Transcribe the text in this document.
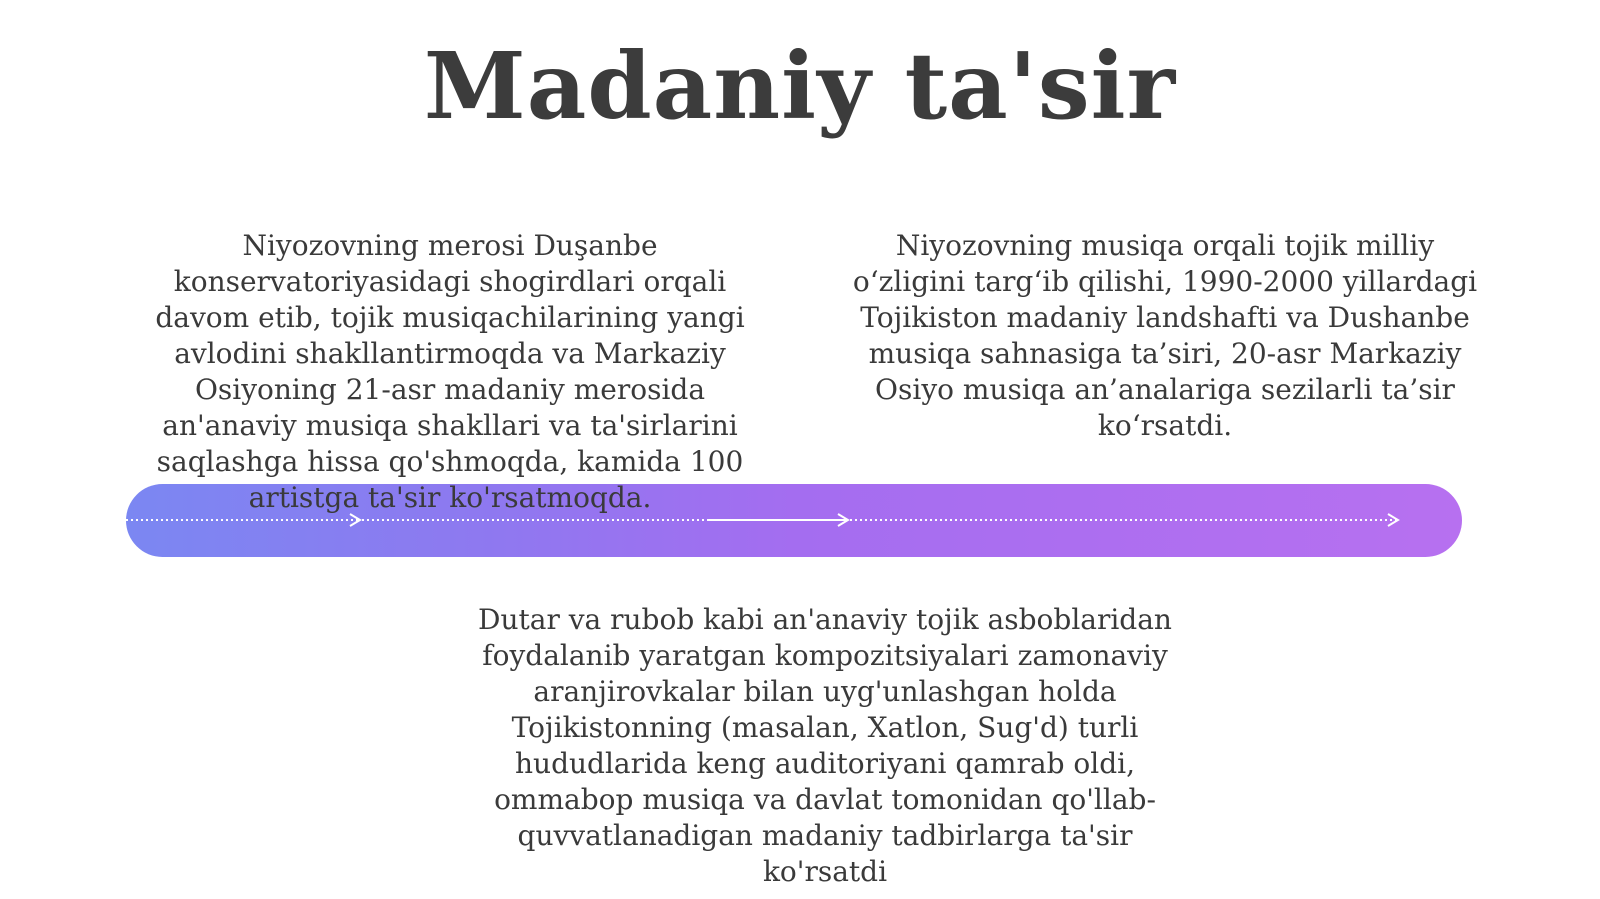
Madaniy ta'sir
Niyozovning merosi Duşanbe konservatoriyasidagi shogirdlari orqali davom etib, tojik musiqachilarining yangi avlodini shakllantirmoqda va Markaziy Osiyoning 21-asr madaniy merosida an'anaviy musiqa shakllari va ta'sirlarini saqlashga hissa qo'shmoqda, kamida 100 artistga ta'sir ko'rsatmoqda.
Niyozovning musiqa orqali tojik milliy o‘zligini targ‘ib qilishi, 1990-2000 yillardagi Tojikiston madaniy landshafti va Dushanbe musiqa sahnasiga ta’siri, 20-asr Markaziy Osiyo musiqa an’analariga sezilarli ta’sir ko‘rsatdi.
Dutar va rubob kabi an'anaviy tojik asboblaridan foydalanib yaratgan kompozitsiyalari zamonaviy aranjirovkalar bilan uyg'unlashgan holda Tojikistonning (masalan, Xatlon, Sug'd) turli hududlarida keng auditoriyani qamrab oldi, ommabop musiqa va davlat tomonidan qo'llab-quvvatlanadigan madaniy tadbirlarga ta'sir ko'rsatdi
